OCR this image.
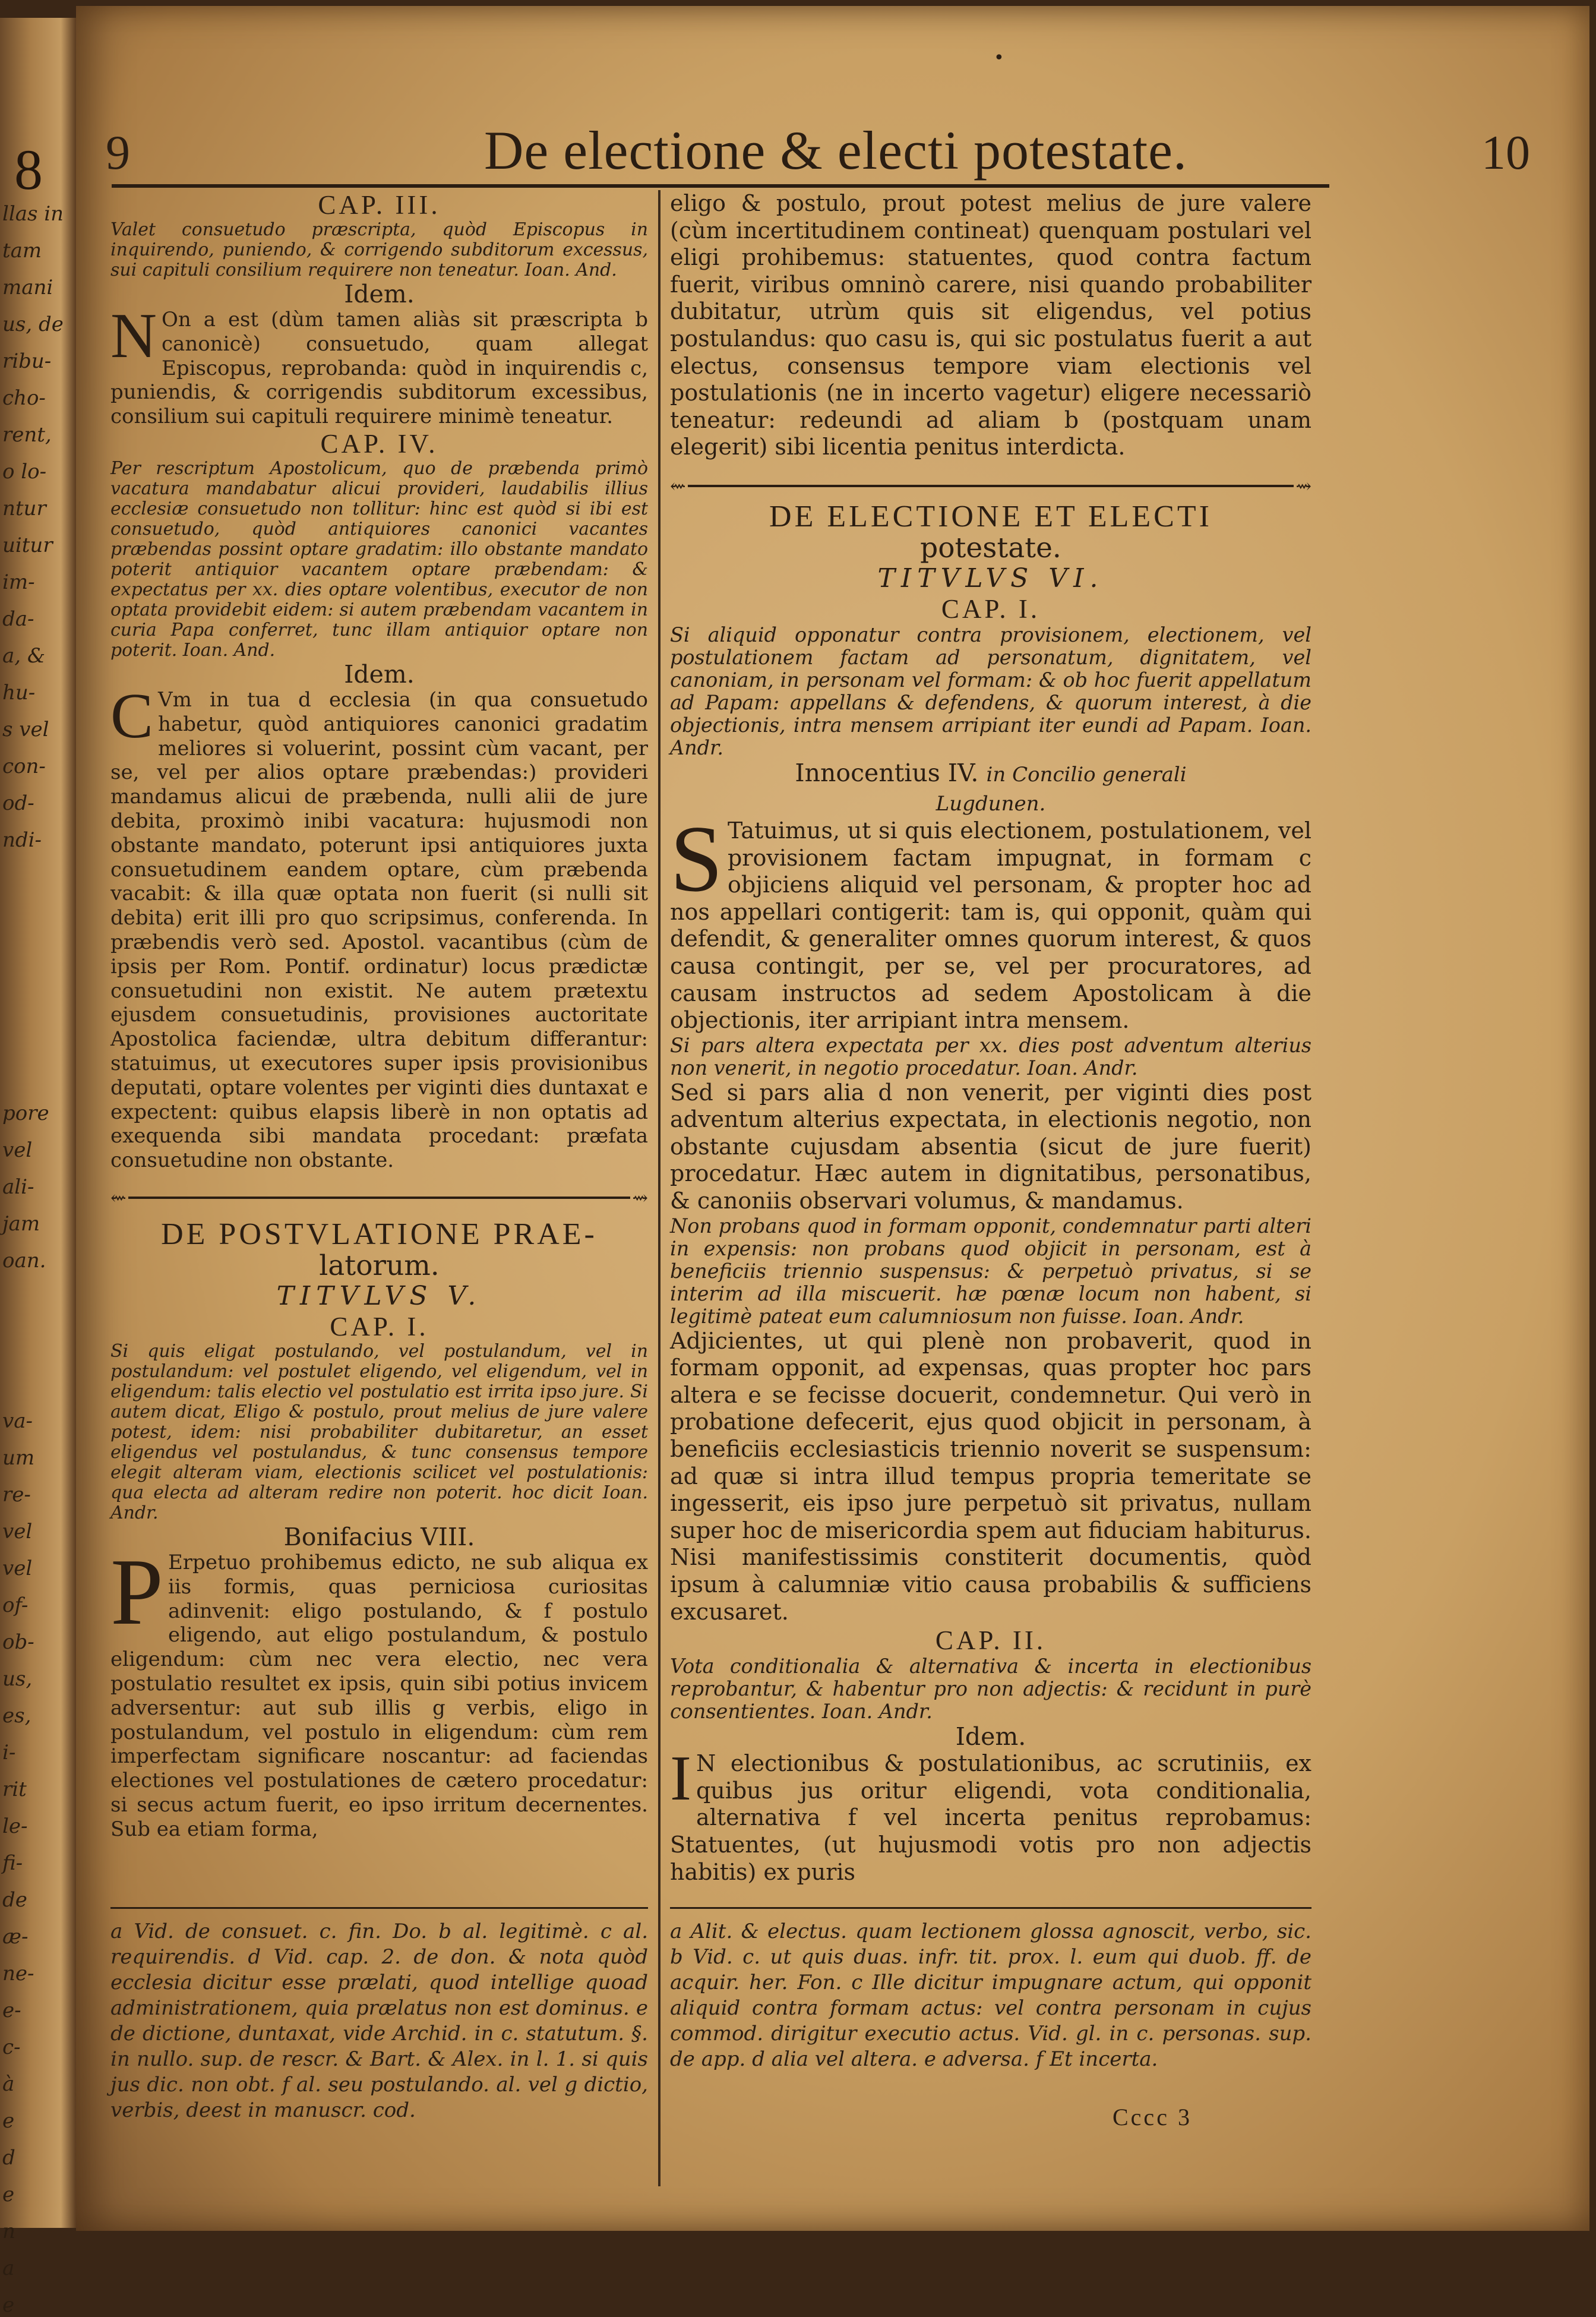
8
llas in
tam
mani
us, de
ribu-
cho-
rent,
o lo-
ntur
uitur
im-
da-
a, &
hu-
s vel
con-
od-
ndi-
pore
vel
ali-
jam
oan.
va-
um
re-
vel
vel
of-
ob-
us,
es,
i-
rit
le-
fi-
de
æ-
ne-
e-
c-
à
e
d
e
n
a
e
•
9	De electione & electi potestate.	10

CAP. III.

Valet consuetudo præscripta, quòd Episcopus in inquirendo, puniendo, & corrigendo subditorum excessus, sui capituli consilium requirere non teneatur. Ioan. And.

Idem.

N On a est (dùm tamen aliàs sit præscripta b canonicè) consuetudo, quam allegat Episcopus, reprobanda: quòd in inquirendis c, puniendis, & corrigendis subditorum excessibus, consilium sui capituli requirere minimè teneatur.

CAP. IV.

Per rescriptum Apostolicum, quo de præbenda primò vacatura mandabatur alicui provideri, laudabilis illius ecclesiæ consuetudo non tollitur: hinc est quòd si ibi est consuetudo, quòd antiquiores canonici vacantes præbendas possint optare gradatim: illo obstante mandato poterit antiquior vacantem optare præbendam: & expectatus per xx. dies optare volentibus, executor de non optata providebit eidem: si autem præbendam vacantem in curia Papa conferret, tunc illam antiquior optare non poterit. Ioan. And.

Idem.

C Vm in tua d ecclesia (in qua consuetudo habetur, quòd antiquiores canonici gradatim meliores si voluerint, possint cùm vacant, per se, vel per alios optare præbendas:) provideri mandamus alicui de præbenda, nulli alii de jure debita, proximò inibi vacatura: hujusmodi non obstante mandato, poterunt ipsi antiquiores juxta consuetudinem eandem optare, cùm præbenda vacabit: & illa quæ optata non fuerit (si nulli sit debita) erit illi pro quo scripsimus, conferenda. In præbendis verò sed. Apostol. vacantibus (cùm de ipsis per Rom. Pontif. ordinatur) locus prædictæ consuetudini non existit. Ne autem prætextu ejusdem consuetudinis, provisiones auctoritate Apostolica faciendæ, ultra debitum differantur: statuimus, ut executores super ipsis provisionibus deputati, optare volentes per viginti dies duntaxat e expectent: quibus elapsis liberè in non optatis ad exequenda sibi mandata procedant: præfata consuetudine non obstante.

⇜	⇝

DE POSTVLATIONE PRAE-

latorum.

TITVLVS V.

CAP. I.

Si quis eligat postulando, vel postulandum, vel in postulandum: vel postulet eligendo, vel eligendum, vel in eligendum: talis electio vel postulatio est irrita ipso jure. Si autem dicat, Eligo & postulo, prout melius de jure valere potest, idem: nisi probabiliter dubitaretur, an esset eligendus vel postulandus, & tunc consensus tempore elegit alteram viam, electionis scilicet vel postulationis: qua electa ad alteram redire non poterit. hoc dicit Ioan. Andr.

Bonifacius VIII.

P Erpetuo prohibemus edicto, ne sub aliqua ex iis formis, quas perniciosa curiositas adinvenit: eligo postulando, & f postulo eligendo, aut eligo postulandum, & postulo eligendum: cùm nec vera electio, nec vera postulatio resultet ex ipsis, quin sibi potius invicem adversentur: aut sub illis g verbis, eligo in postulandum, vel postulo in eligendum: cùm rem imperfectam significare noscantur: ad faciendas electiones vel postulationes de cætero procedatur: si secus actum fuerit, eo ipso irritum decernentes. Sub ea etiam forma,

eligo & postulo, prout potest melius de jure valere (cùm incertitudinem contineat) quenquam postulari vel eligi prohibemus: statuentes, quod contra factum fuerit, viribus omninò carere, nisi quando probabiliter dubitatur, utrùm quis sit eligendus, vel potius postulandus: quo casu is, qui sic postulatus fuerit a aut electus, consensus tempore viam electionis vel postulationis (ne in incerto vagetur) eligere necessariò teneatur: redeundi ad aliam b (postquam unam elegerit) sibi licentia penitus interdicta.

⇜	⇝

DE ELECTIONE ET ELECTI

potestate.

TITVLVS VI.

CAP. I.

Si aliquid opponatur contra provisionem, electionem, vel postulationem factam ad personatum, dignitatem, vel canoniam, in personam vel formam: & ob hoc fuerit appellatum ad Papam: appellans & defendens, & quorum interest, à die objectionis, intra mensem arripiant iter eundi ad Papam. Ioan. Andr.

Innocentius IV. in Concilio generali

Lugdunen.

S Tatuimus, ut si quis electionem, postulationem, vel provisionem factam impugnat, in formam c objiciens aliquid vel personam, & propter hoc ad nos appellari contigerit: tam is, qui opponit, quàm qui defendit, & generaliter omnes quorum interest, & quos causa contingit, per se, vel per procuratores, ad causam instructos ad sedem Apostolicam à die objectionis, iter arripiant intra mensem.

Si pars altera expectata per xx. dies post adventum alterius non venerit, in negotio procedatur. Ioan. Andr.

Sed si pars alia d non venerit, per viginti dies post adventum alterius expectata, in electionis negotio, non obstante cujusdam absentia (sicut de jure fuerit) procedatur. Hæc autem in dignitatibus, personatibus, & canoniis observari volumus, & mandamus.

Non probans quod in formam opponit, condemnatur parti alteri in expensis: non probans quod objicit in personam, est à beneficiis triennio suspensus: & perpetuò privatus, si se interim ad illa miscuerit. hæ pœnæ locum non habent, si legitimè pateat eum calumniosum non fuisse. Ioan. Andr.

Adjicientes, ut qui plenè non probaverit, quod in formam opponit, ad expensas, quas propter hoc pars altera e se fecisse docuerit, condemnetur. Qui verò in probatione defecerit, ejus quod objicit in personam, à beneficiis ecclesiasticis triennio noverit se suspensum: ad quæ si intra illud tempus propria temeritate se ingesserit, eis ipso jure perpetuò sit privatus, nullam super hoc de misericordia spem aut fiduciam habiturus. Nisi manifestissimis constiterit documentis, quòd ipsum à calumniæ vitio causa probabilis & sufficiens excusaret.

CAP. II.

Vota conditionalia & alternativa & incerta in electionibus reprobantur, & habentur pro non adjectis: & recidunt in purè consentientes. Ioan. Andr.

Idem.

I N electionibus & postulationibus, ac scrutiniis, ex quibus jus oritur eligendi, vota conditionalia, alternativa f vel incerta penitus reprobamus: Statuentes, (ut hujusmodi votis pro non adjectis habitis) ex puris

a Vid. de consuet. c. fin. Do. b al. legitimè. c al. requirendis. d Vid. cap. 2. de don. & nota quòd ecclesia dicitur esse prælati, quod intellige quoad administrationem, quia prælatus non est dominus. e de dictione, duntaxat, vide Archid. in c. statutum. §. in nullo. sup. de rescr. & Bart. & Alex. in l. 1. si quis jus dic. non obt. f al. seu postulando. al. vel g dictio, verbis, deest in manuscr. cod.
a Alit. & electus. quam lectionem glossa agnoscit, verbo, sic. b Vid. c. ut quis duas. infr. tit. prox. l. eum qui duob. ff. de acquir. her. Fon. c Ille dicitur impugnare actum, qui opponit aliquid contra formam actus: vel contra personam in cujus commod. dirigitur executio actus. Vid. gl. in c. personas. sup. de app. d alia vel altera. e adversa. f Et incerta.
Cccc 3
